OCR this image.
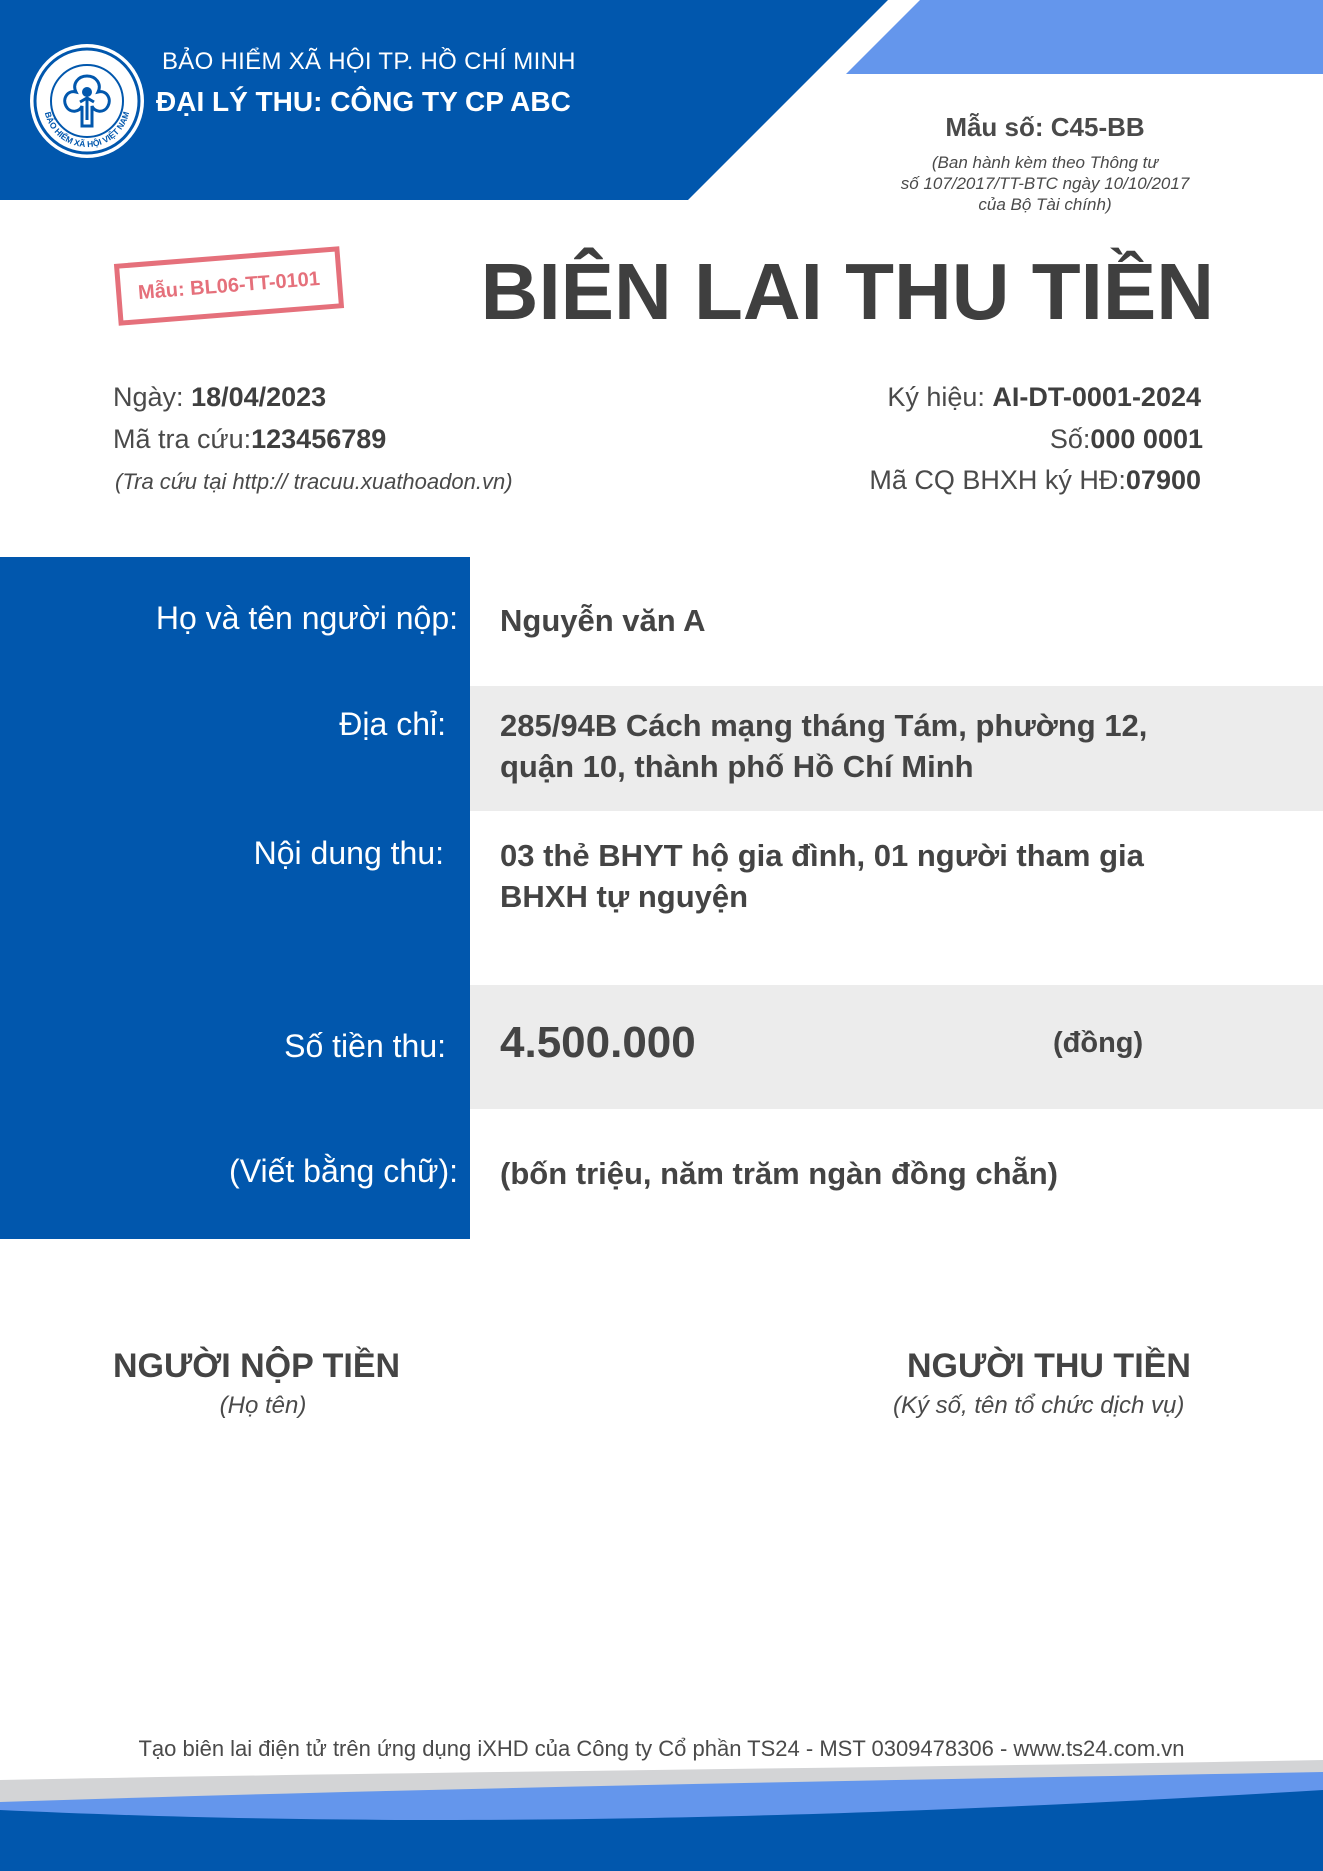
BẢO HIỂM XÃ HỘI VIỆT NAM
BẢO HIỂM XÃ HỘI TP. HỒ CHÍ MINH
ĐẠI LÝ THU: CÔNG TY CP ABC
Mẫu số: C45-BB
(Ban hành kèm theo Thông tư
số 107/2017/TT-BTC ngày 10/10/2017
của Bộ Tài chính)
Mẫu: BL06-TT-0101 BIÊN LAI THU TIỀN
Ngày: 18/04/2023
Mã tra cứu:123456789
(Tra cứu tại http:// tracuu.xuathoadon.vn)
Ký hiệu: AI-DT-0001-2024
Số:000 0001
Mã CQ BHXH ký HĐ:07900
Họ và tên người nộp: Nguyễn văn A
Địa chỉ: 285/94B Cách mạng tháng Tám, phường 12,
quận 10, thành phố Hồ Chí Minh
Nội dung thu: 03 thẻ BHYT hộ gia đình, 01 người tham gia
BHXH tự nguyện
Số tiền thu: 4.500.000	(đồng)
(Viết bằng chữ): (bốn triệu, năm trăm ngàn đồng chẵn)
NGƯỜI NỘP TIỀN
(Họ tên)
NGƯỜI THU TIỀN
(Ký số, tên tổ chức dịch vụ)
Tạo biên lai điện tử trên ứng dụng iXHD của Công ty Cổ phần TS24 - MST 0309478306 - www.ts24.com.vn
